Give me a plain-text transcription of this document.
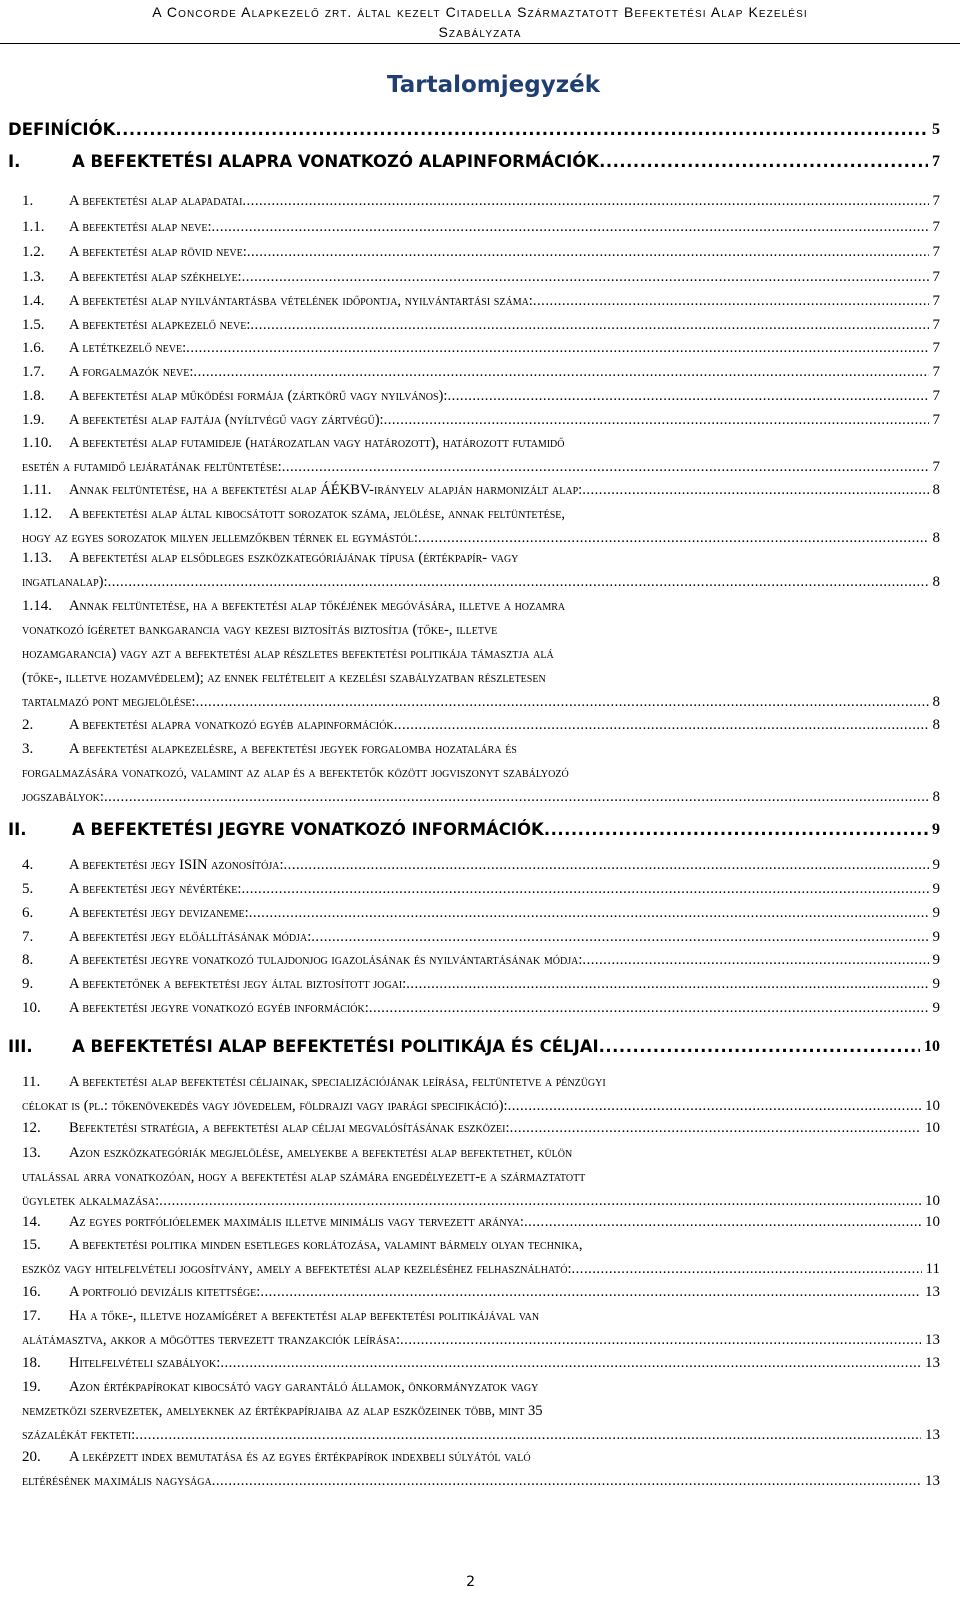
A Concorde Alapkezelő zrt. által kezelt Citadella Származtatott Befektetési Alap Kezelési
Szabályzata
Tartalomjegyzék
DEFINÍCIÓK .....	5
I.	A BEFEKTETÉSI ALAPRA VONATKOZÓ ALAPINFORMÁCIÓK .....	7
1.	A befektetési alap alapadatai .....	7
1.1.	A befektetési alap neve: .....	7
1.2.	A befektetési alap rövid neve: .....	7
1.3.	A befektetési alap székhelye: .....	7
1.4.	A befektetési alap nyilvántartásba vételének időpontja, nyilvántartási száma: .....	7
1.5.	A befektetési alapkezelő neve: .....	7
1.6.	A letétkezelő neve: .....	7
1.7.	A forgalmazók neve: .....	7
1.8.	A befektetési alap működési formája (zártkörű vagy nyilvános): .....	7
1.9.	A befektetési alap fajtája (nyíltvégű vagy zártvégű): .....	7
1.10. A befektetési alap futamideje (határozatlan vagy határozott), határozott futamidő
esetén a futamidő lejáratának feltüntetése: .....	7
1.11.	Annak feltüntetése, ha a befektetési alap ÁÉKBV-irányelv alapján harmonizált alap: .....	8
1.12. A befektetési alap által kibocsátott sorozatok száma, jelölése, annak feltüntetése,
hogy az egyes sorozatok milyen jellemzőkben térnek el egymástól: .....	8
1.13. A befektetési alap elsődleges eszközkategóriájának típusa (értékpapír- vagy
ingatlanalap): .....	8
1.14. Annak feltüntetése, ha a befektetési alap tőkéjének megóvására, illetve a hozamra
vonatkozó ígéretet bankgarancia vagy kezesi biztosítás biztosítja (tőke-, illetve
hozamgarancia) vagy azt a befektetési alap részletes befektetési politikája támasztja alá
(tőke-, illetve hozamvédelem); az ennek feltételeit a kezelési szabályzatban részletesen
tartalmazó pont megjelölése: .....	8
2.	A befektetési alapra vonatkozó egyéb alapinformációk .....	8
3. A befektetési alapkezelésre, a befektetési jegyek forgalomba hozatalára és
forgalmazására vonatkozó, valamint az alap és a befektetők között jogviszonyt szabályozó
jogszabályok: .....	8
II.	A BEFEKTETÉSI JEGYRE VONATKOZÓ INFORMÁCIÓK .....	9
4.	A befektetési jegy ISIN azonosítója: .....	9
5.	A befektetési jegy névértéke: .....	9
6.	A befektetési jegy devizaneme: .....	9
7.	A befektetési jegy előállításának módja: .....	9
8.	A befektetési jegyre vonatkozó tulajdonjog igazolásának és nyilvántartásának módja: .....	9
9.	A befektetőnek a befektetési jegy által biztosított jogai: .....	9
10.	A befektetési jegyre vonatkozó egyéb információk: .....	9
III.	A BEFEKTETÉSI ALAP BEFEKTETÉSI POLITIKÁJA ÉS CÉLJAI .....	10
11. A befektetési alap befektetési céljainak, specializációjának leírása, feltüntetve a pénzügyi
célokat is (pl.: tőkenövekedés vagy jövedelem, földrajzi vagy iparági specifikáció): .....	10
12.	Befektetési stratégia, a befektetési alap céljai megvalósításának eszközei: .....	10
13. Azon eszközkategóriák megjelölése, amelyekbe a befektetési alap befektethet, külön
utalással arra vonatkozóan, hogy a befektetési alap számára engedélyezett-e a származtatott
ügyletek alkalmazása: .....	10
14.	Az egyes portfólióelemek maximális illetve minimális vagy tervezett aránya: .....	10
15. A befektetési politika minden esetleges korlátozása, valamint bármely olyan technika,
eszköz vagy hitelfelvételi jogosítvány, amely a befektetési alap kezeléséhez felhasználható: .....	11
16.	A portfolió devizális kitettsége: .....	13
17. Ha a tőke-, illetve hozamígéret a befektetési alap befektetési politikájával van
alátámasztva, akkor a mögöttes tervezett tranzakciók leírása: .....	13
18.	Hitelfelvételi szabályok: .....	13
19. Azon értékpapírokat kibocsátó vagy garantáló államok, önkormányzatok vagy
nemzetközi szervezetek, amelyeknek az értékpapírjaiba az alap eszközeinek több, mint 35
százalékát fekteti: .....	13
20. A leképzett index bemutatása és az egyes értékpapírok indexbeli súlyától való
eltérésének maximális nagysága .....	13
2
